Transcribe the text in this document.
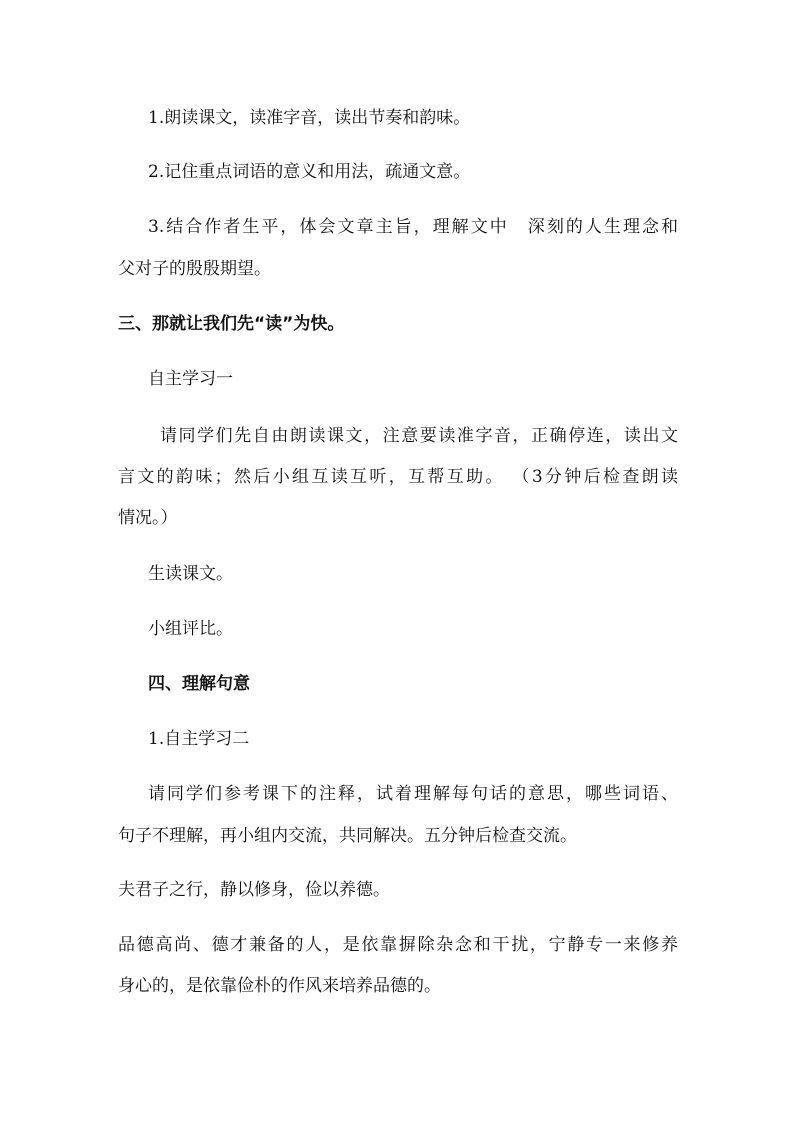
1.朗读课文，读准字音，读出节奏和韵味。
2.记住重点词语的意义和用法，疏通文意。
3.结合作者生平，体会文章主旨，理解文中　深刻的人生理念和
父对子的殷殷期望。
三、那就让我们先“读”为快。
自主学习一
请同学们先自由朗读课文，注意要读准字音，正确停连，读出文
言文的韵味；然后小组互读互听，互帮互助。 （3分钟后检查朗读
情况。）
生读课文。
小组评比。
四、理解句意
1.自主学习二
请同学们参考课下的注释，试着理解每句话的意思，哪些词语、
句子不理解，再小组内交流，共同解决。五分钟后检查交流。
夫君子之行，静以修身，俭以养德。
品德高尚、德才兼备的人，是依靠摒除杂念和干扰，宁静专一来修养
身心的，是依靠俭朴的作风来培养品德的。
